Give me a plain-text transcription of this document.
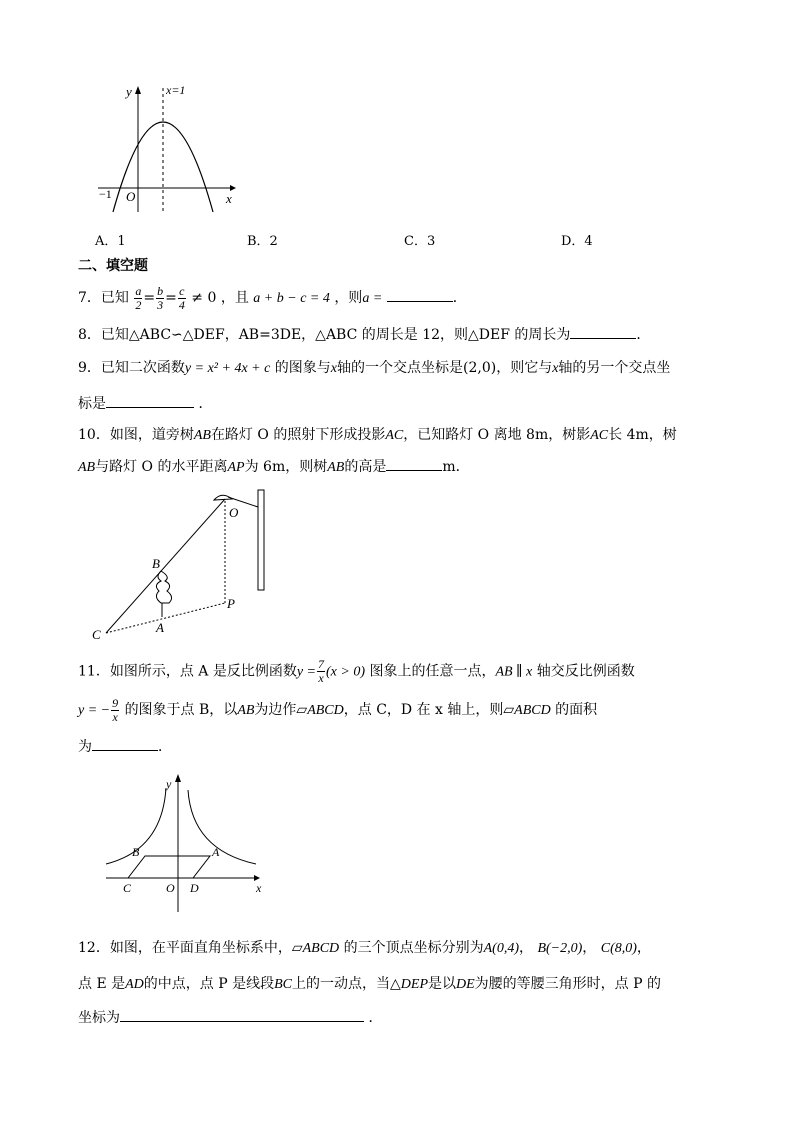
y	x=1
x
−1 O
A．1	B．2	C．3	D．4
二、填空题
7．已知 $\frac{a}{2} = \frac{b}{3} = \frac{c}{4} \ne 0$ ，且 a + b − c = 4 ，则a =	．
8．已知△ABC∽△DEF，AB=3DE，△ABC 的周长是 12，则△DEF 的周长为	．
9．已知二次函数y = x² + 4x + c 的图象与x轴的一个交点坐标是(2,0)，则它与x轴的另一个交点坐
标是	．
10．如图，道旁树AB在路灯 O 的照射下形成投影AC，已知路灯 O 离地 8m，树影AC长 4m，树
AB与路灯 O 的水平距离AP为 6m，则树AB的高是	m．
O
B
P
C	A
11．如图所示，点 A 是反比例函数$y = \frac{7}{x} (x > 0)$ 图象上的任意一点，AB ∥ x 轴交反比例函数
y = − $\frac{9}{x}$ 的图象于点 B，以AB为边作▱ABCD，点 C，D 在 x 轴上，则▱ABCD 的面积
为	．
y
x
B	A
C	O D
12．如图，在平面直角坐标系中，▱ABCD 的三个顶点坐标分别为A(0,4)， B(−2,0)， C(8,0)，
点 E 是AD的中点，点 P 是线段BC上的一动点，当△DEP是以DE为腰的等腰三角形时，点 P 的
坐标为	．
